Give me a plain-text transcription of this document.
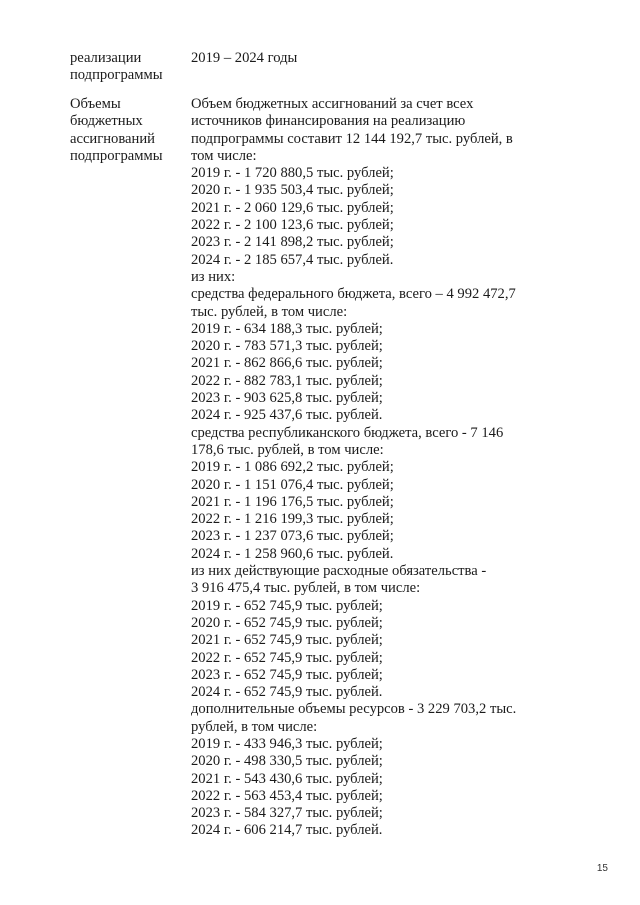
реализации
подпрограммы
2019 – 2024 годы
Объемы
бюджетных
ассигнований
подпрограммы
Объем бюджетных ассигнований за счет всех
источников финансирования на реализацию
подпрограммы составит 12 144 192,7 тыс. рублей, в
том числе:
2019 г. - 1 720 880,5 тыс. рублей;
2020 г. - 1 935 503,4 тыс. рублей;
2021 г. - 2 060 129,6 тыс. рублей;
2022 г. - 2 100 123,6 тыс. рублей;
2023 г. - 2 141 898,2 тыс. рублей;
2024 г. - 2 185 657,4 тыс. рублей.
из них:
средства федерального бюджета, всего – 4 992 472,7
тыс. рублей, в том числе:
2019 г. - 634 188,3 тыс. рублей;
2020 г. - 783 571,3 тыс. рублей;
2021 г. - 862 866,6 тыс. рублей;
2022 г. - 882 783,1 тыс. рублей;
2023 г. - 903 625,8 тыс. рублей;
2024 г. - 925 437,6 тыс. рублей.
средства республиканского бюджета, всего - 7 146
178,6 тыс. рублей, в том числе:
2019 г. - 1 086 692,2 тыс. рублей;
2020 г. - 1 151 076,4 тыс. рублей;
2021 г. - 1 196 176,5 тыс. рублей;
2022 г. - 1 216 199,3 тыс. рублей;
2023 г. - 1 237 073,6 тыс. рублей;
2024 г. - 1 258 960,6 тыс. рублей.
из них действующие расходные обязательства -
3 916 475,4 тыс. рублей, в том числе:
2019 г. - 652 745,9 тыс. рублей;
2020 г. - 652 745,9 тыс. рублей;
2021 г. - 652 745,9 тыс. рублей;
2022 г. - 652 745,9 тыс. рублей;
2023 г. - 652 745,9 тыс. рублей;
2024 г. - 652 745,9 тыс. рублей.
дополнительные объемы ресурсов - 3 229 703,2 тыс.
рублей, в том числе:
2019 г. - 433 946,3 тыс. рублей;
2020 г. - 498 330,5 тыс. рублей;
2021 г. - 543 430,6 тыс. рублей;
2022 г. - 563 453,4 тыс. рублей;
2023 г. - 584 327,7 тыс. рублей;
2024 г. - 606 214,7 тыс. рублей.
15
